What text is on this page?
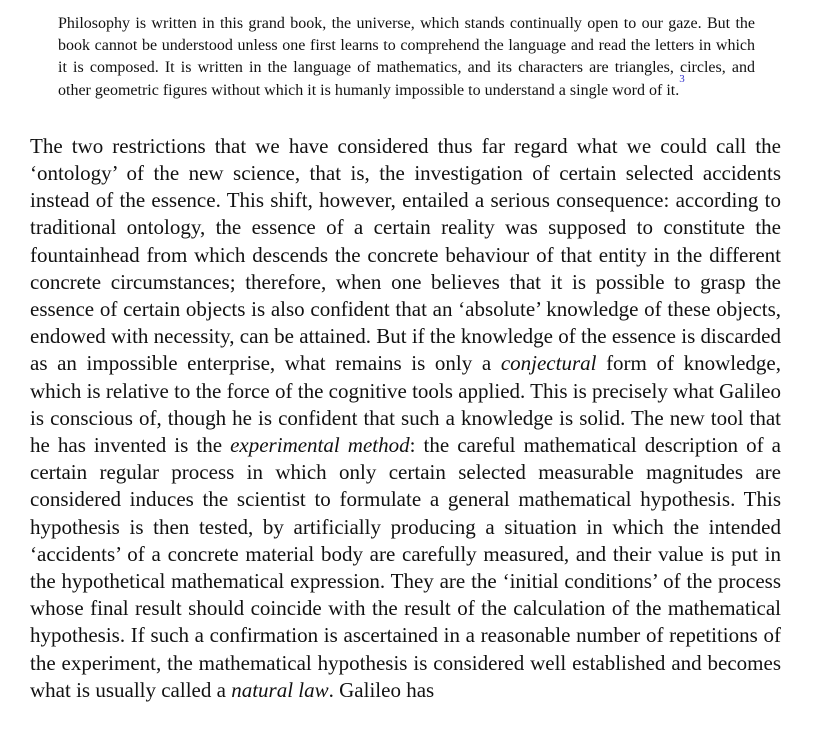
Philosophy is written in this grand book, the universe, which stands continually open to our gaze. But the book cannot be understood unless one first learns to comprehend the language and read the letters in which it is composed. It is written in the language of mathematics, and its characters are triangles, circles, and other geometric figures without which it is humanly impossible to understand a single word of it.$^3$

The two restrictions that we have considered thus far regard what we could call the ‘ontology’ of the new science, that is, the investigation of certain selected accidents instead of the essence. This shift, however, entailed a serious consequence: according to traditional ontology, the essence of a certain reality was supposed to constitute the fountainhead from which descends the concrete behaviour of that entity in the different concrete circumstances; therefore, when one believes that it is possible to grasp the essence of certain objects is also confident that an ‘absolute’ knowledge of these objects, endowed with necessity, can be attained. But if the knowledge of the essence is discarded as an impossible enterprise, what remains is only a conjectural form of knowledge, which is relative to the force of the cognitive tools applied. This is precisely what Galileo is conscious of, though he is confident that such a knowledge is solid. The new tool that he has invented is the experimental method: the careful mathematical description of a certain regular process in which only certain selected measurable magnitudes are considered induces the scientist to formulate a general mathematical hypothesis. This hypothesis is then tested, by artificially producing a situation in which the intended ‘accidents’ of a concrete material body are carefully measured, and their value is put in the hypothetical mathematical expression. They are the ‘initial conditions’ of the process whose final result should coincide with the result of the calculation of the mathematical hypothesis. If such a confirmation is ascertained in a reasonable number of repetitions of the experiment, the mathematical hypothesis is considered well established and becomes what is usually called a natural law. Galileo has
